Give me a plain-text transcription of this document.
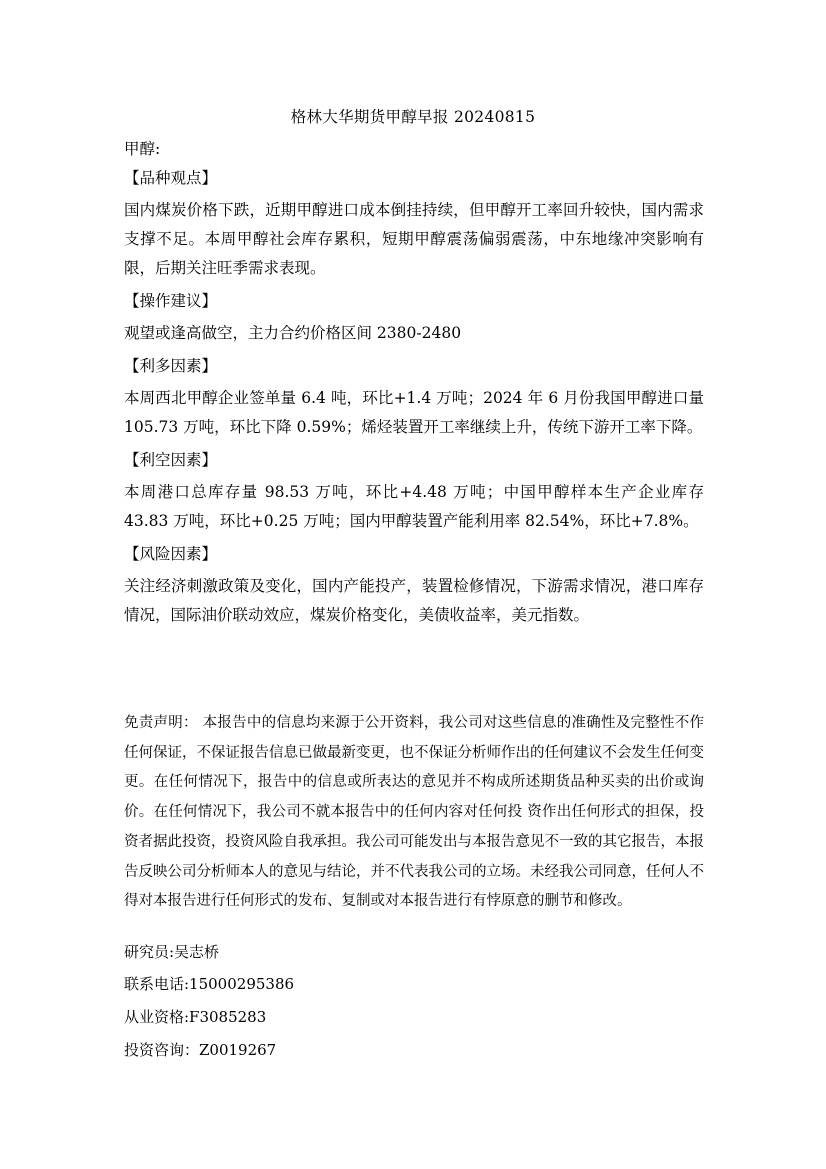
格林大华期货甲醇早报 20240815
甲醇:
【品种观点】

国内煤炭价格下跌，近期甲醇进口成本倒挂持续，但甲醇开工率回升较快，国内需求支撑不足。本周甲醇社会库存累积，短期甲醇震荡偏弱震荡，中东地缘冲突影响有限，后期关注旺季需求表现。

【操作建议】

观望或逢高做空，主力合约价格区间 2380-2480

【利多因素】

本周西北甲醇企业签单量 6.4 吨，环比+1.4 万吨；2024 年 6 月份我国甲醇进口量 105.73 万吨，环比下降 0.59%；烯烃装置开工率继续上升，传统下游开工率下降。

【利空因素】

本周港口总库存量 98.53 万吨，环比+4.48 万吨；中国甲醇样本生产企业库存 43.83 万吨，环比+0.25 万吨；国内甲醇装置产能利用率 82.54%，环比+7.8%。

【风险因素】

关注经济刺激政策及变化，国内产能投产，装置检修情况，下游需求情况，港口库存情况，国际油价联动效应，煤炭价格变化，美债收益率，美元指数。

免责声明： 本报告中的信息均来源于公开资料，我公司对这些信息的准确性及完整性不作任何保证，不保证报告信息已做最新变更，也不保证分析师作出的任何建议不会发生任何变更。在任何情况下，报告中的信息或所表达的意见并不构成所述期货品种买卖的出价或询价。在任何情况下，我公司不就本报告中的任何内容对任何投 资作出任何形式的担保，投资者据此投资，投资风险自我承担。我公司可能发出与本报告意见不一致的其它报告，本报告反映公司分析师本人的意见与结论，并不代表我公司的立场。未经我公司同意，任何人不得对本报告进行任何形式的发布、复制或对本报告进行有悖原意的删节和修改。
研究员:吴志桥
联系电话:15000295386
从业资格:F3085283
投资咨询：Z0019267
